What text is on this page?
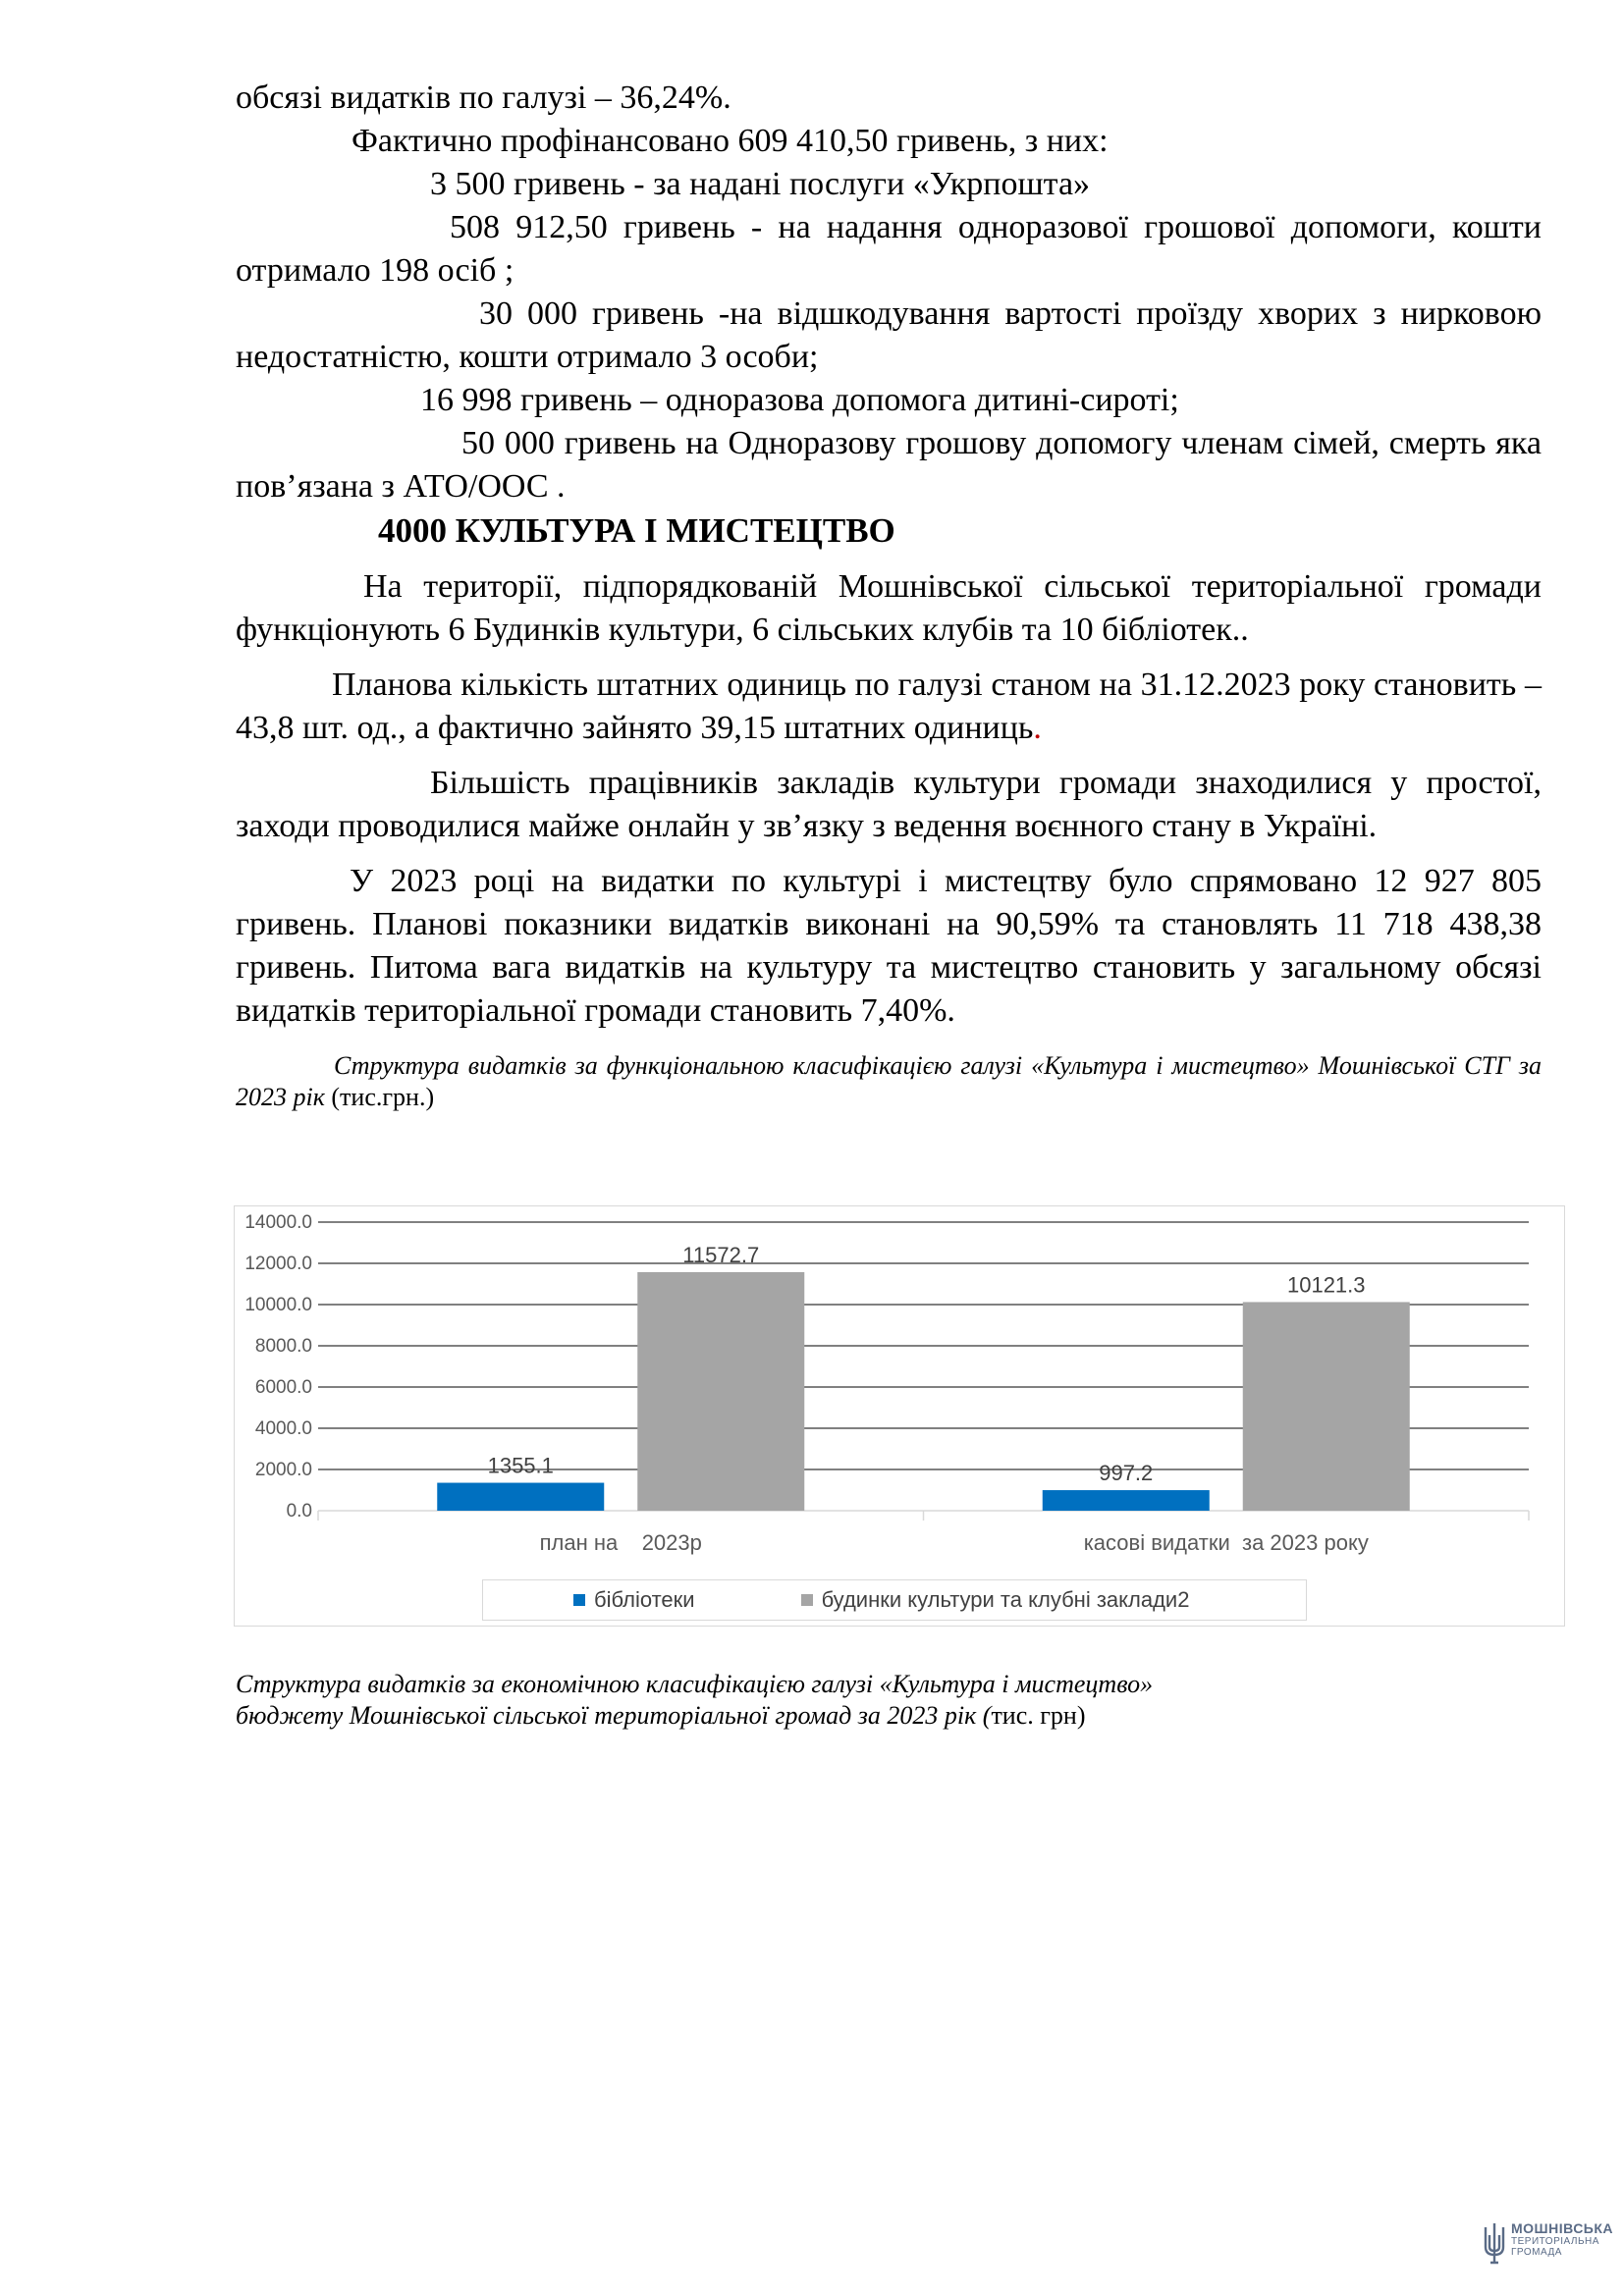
обсязі видатків по галузі – 36,24%.

Фактично профінансовано 609 410,50 гривень, з них:

3 500 гривень - за надані послуги «Укрпошта»

508 912,50 гривень - на надання одноразової грошової допомоги, кошти отримало 198 осіб ;

30 000 гривень -на відшкодування вартості проїзду хворих з нирковою недостатністю, кошти отримало 3 особи;

16 998 гривень – одноразова допомога дитині-сироті;

50 000 гривень на Одноразову грошову допомогу членам сімей, смерть яка пов’язана з АТО/ООС .

4000 КУЛЬТУРА І МИСТЕЦТВО

На території, підпорядкованій Мошнівської сільської територіальної громади функціонують 6 Будинків культури, 6 сільських клубів та 10 бібліотек..

Планова кількість штатних одиниць по галузі станом на 31.12.2023 року становить – 43,8 шт. од., а фактично зайнято 39,15 штатних одиниць.

Більшість працівників закладів культури громади знаходилися у простої, заходи проводилися майже онлайн у зв’язку з ведення воєнного стану в Україні.

У 2023 році на видатки по культурі і мистецтву було спрямовано 12 927 805 гривень. Планові показники видатків виконані на 90,59% та становлять 11 718 438,38 гривень. Питома вага видатків на культуру та мистецтво становить у загальному обсязі видатків територіальної громади становить 7,40%.

Структура видатків за функціональною класифікацією галузі «Культура і мистецтво» Мошнівської СТГ за 2023 рік (тис.грн.)

0.0
2000.0
4000.0
6000.0
8000.0
10000.0
12000.0
14000.0
1355.1
11572.7
план на    2023р
997.2
10121.3
касові видатки  за 2023 року
бібліотеки	будинки культури та клубні заклади2

Структура видатків за економічною класифікацією галузі «Культура і мистецтво»

бюджету Мошнівської сільської територіальної громад за 2023 рік (тис. грн)

МОШНІВСЬКА
ТЕРИТОРІАЛЬНА
ГРОМАДА
